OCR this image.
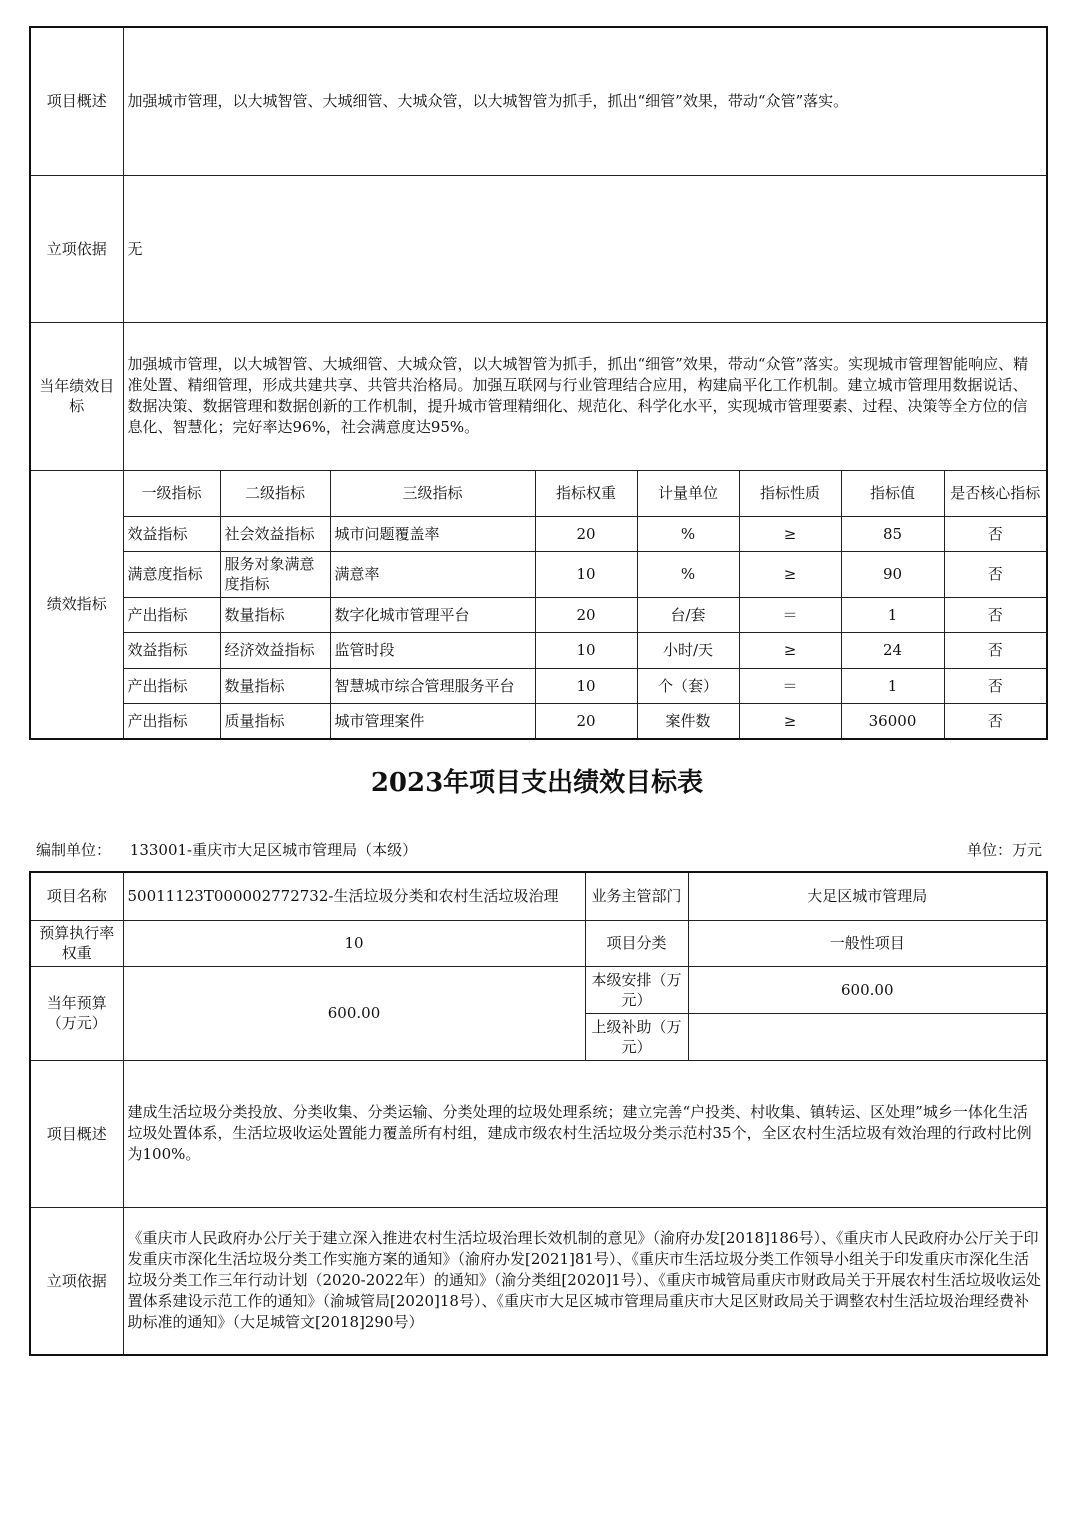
项目概述	加强城市管理，以大城智管、大城细管、大城众管，以大城智管为抓手，抓出“细管”效果，带动“众管”落实。							
立项依据	无							
当年绩效目标	加强城市管理，以大城智管、大城细管、大城众管，以大城智管为抓手，抓出“细管”效果，带动“众管”落实。实现城市管理智能响应、精准处置、精细管理，形成共建共享、共管共治格局。加强互联网与行业管理结合应用，构建扁平化工作机制。建立城市管理用数据说话、数据决策、数据管理和数据创新的工作机制，提升城市管理精细化、规范化、科学化水平，实现城市管理要素、过程、决策等全方位的信息化、智慧化；完好率达96%，社会满意度达95%。							
绩效指标	一级指标	二级指标	三级指标	指标权重	计量单位	指标性质	指标值	是否核心指标
	效益指标	社会效益指标	城市问题覆盖率	20	%	≥	85	否
	满意度指标	服务对象满意度指标	满意率	10	%	≥	90	否
	产出指标	数量指标	数字化城市管理平台	20	台/套	＝	1	否
	效益指标	经济效益指标	监管时段	10	小时/天	≥	24	否
	产出指标	数量指标	智慧城市综合管理服务平台	10	个（套）	＝	1	否
	产出指标	质量指标	城市管理案件	20	案件数	≥	36000	否
2023年项目支出绩效目标表
编制单位： 133001-重庆市大足区城市管理局（本级）	单位：万元
项目名称	50011123T000002772732-生活垃圾分类和农村生活垃圾治理	业务主管部门	大足区城市管理局
预算执行率权重	10	项目分类	一般性项目
当年预算（万元）	600.00	本级安排（万元）	600.00
		上级补助（万元）	
项目概述	建成生活垃圾分类投放、分类收集、分类运输、分类处理的垃圾处理系统；建立完善“户投类、村收集、镇转运、区处理”城乡一体化生活垃圾处置体系，生活垃圾收运处置能力覆盖所有村组，建成市级农村生活垃圾分类示范村35个，全区农村生活垃圾有效治理的行政村比例为100%。		
立项依据	《重庆市人民政府办公厅关于建立深入推进农村生活垃圾治理长效机制的意见》（渝府办发[2018]186号）、《重庆市人民政府办公厅关于印发重庆市深化生活垃圾分类工作实施方案的通知》（渝府办发[2021]81号）、《重庆市生活垃圾分类工作领导小组关于印发重庆市深化生活垃圾分类工作三年行动计划（2020-2022年）的通知》（渝分类组[2020]1号）、《重庆市城管局重庆市财政局关于开展农村生活垃圾收运处置体系建设示范工作的通知》（渝城管局[2020]18号）、《重庆市大足区城市管理局重庆市大足区财政局关于调整农村生活垃圾治理经费补助标准的通知》（大足城管文[2018]290号）		
